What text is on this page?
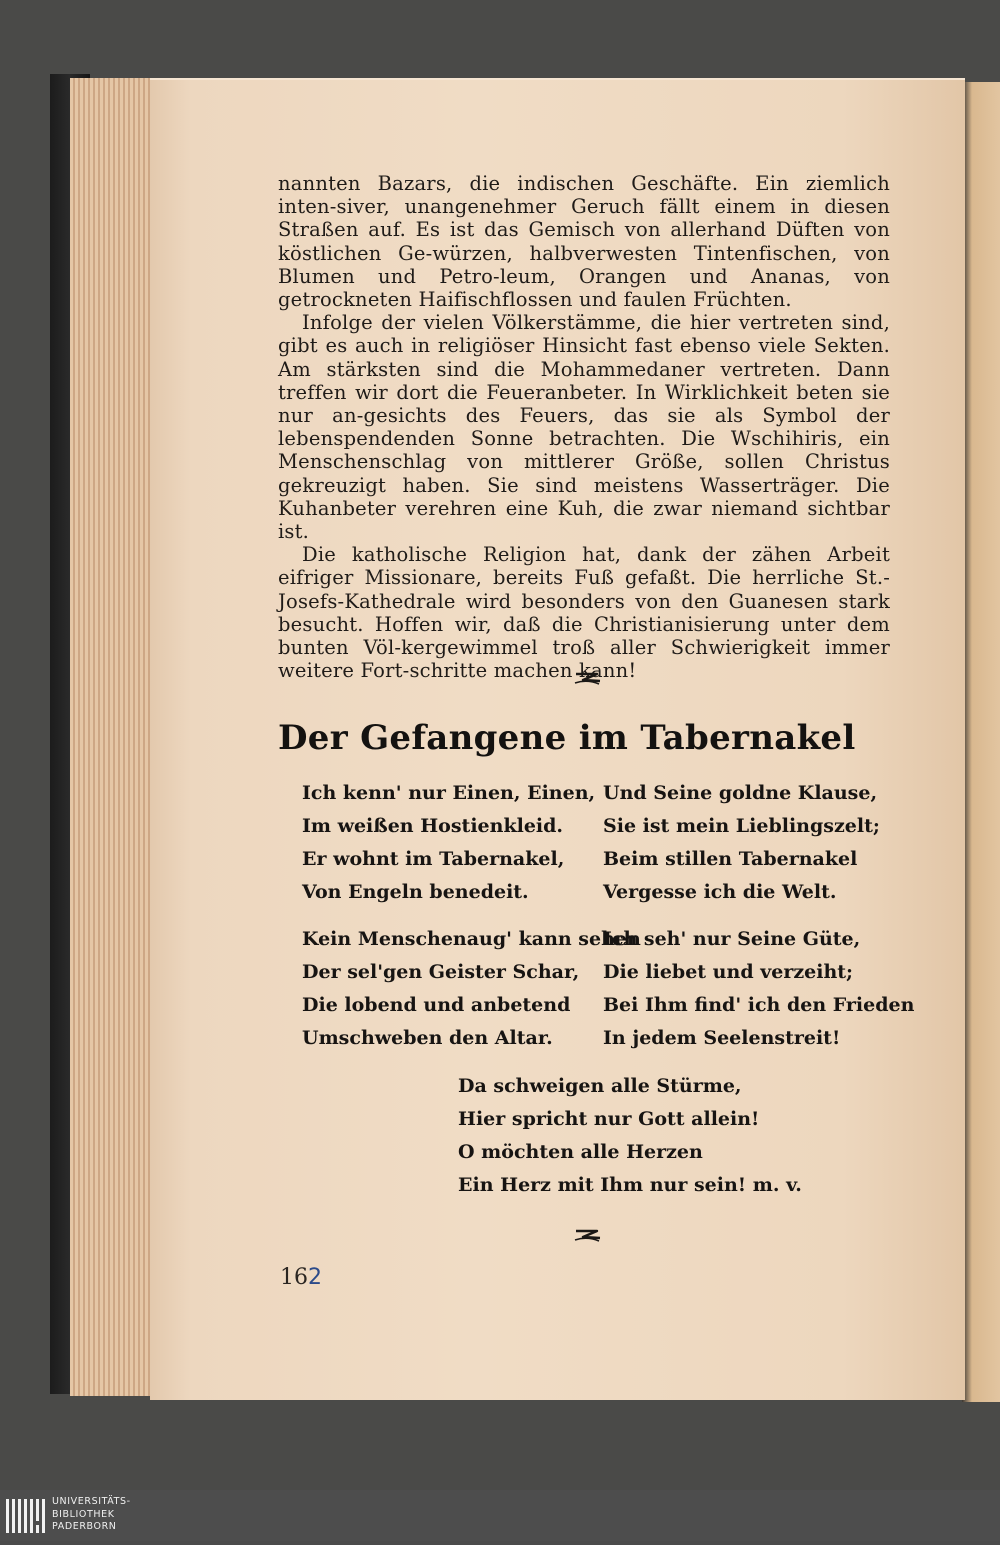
nannten Bazars, die indischen Geschäfte. Ein ziemlich inten-siver, unangenehmer Geruch fällt einem in diesen Straßen auf. Es ist das Gemisch von allerhand Düften von köstlichen Ge-würzen, halbverwesten Tintenfischen, von Blumen und Petro-leum, Orangen und Ananas, von getrockneten Haifischflossen und faulen Früchten.

Infolge der vielen Völkerstämme, die hier vertreten sind, gibt es auch in religiöser Hinsicht fast ebenso viele Sekten. Am stärksten sind die Mohammedaner vertreten. Dann treffen wir dort die Feueranbeter. In Wirklichkeit beten sie nur an-gesichts des Feuers, das sie als Symbol der lebenspendenden Sonne betrachten. Die Wschihiris, ein Menschenschlag von mittlerer Größe, sollen Christus gekreuzigt haben. Sie sind meistens Wasserträger. Die Kuhanbeter verehren eine Kuh, die zwar niemand sichtbar ist.

Die katholische Religion hat, dank der zähen Arbeit eifriger Missionare, bereits Fuß gefaßt. Die herrliche St.-Josefs-Kathedrale wird besonders von den Guanesen stark besucht. Hoffen wir, daß die Christianisierung unter dem bunten Völ-kergewimmel troß aller Schwierigkeit immer weitere Fort-schritte machen kann!

Der Gefangene im Tabernakel
Ich kenn' nur Einen, Einen,
Im weißen Hostienkleid.
Er wohnt im Tabernakel,
Von Engeln benedeit.
Und Seine goldne Klause,
Sie ist mein Lieblingszelt;
Beim stillen Tabernakel
Vergesse ich die Welt.
Kein Menschenaug' kann sehen
Der sel'gen Geister Schar,
Die lobend und anbetend
Umschweben den Altar.
Ich seh' nur Seine Güte,
Die liebet und verzeiht;
Bei Ihm find' ich den Frieden
In jedem Seelenstreit!
Da schweigen alle Stürme,
Hier spricht nur Gott allein!
O möchten alle Herzen
Ein Herz mit Ihm nur sein! m. v.
162
UNIVERSITÄTS-
BIBLIOTHEK
PADERBORN
